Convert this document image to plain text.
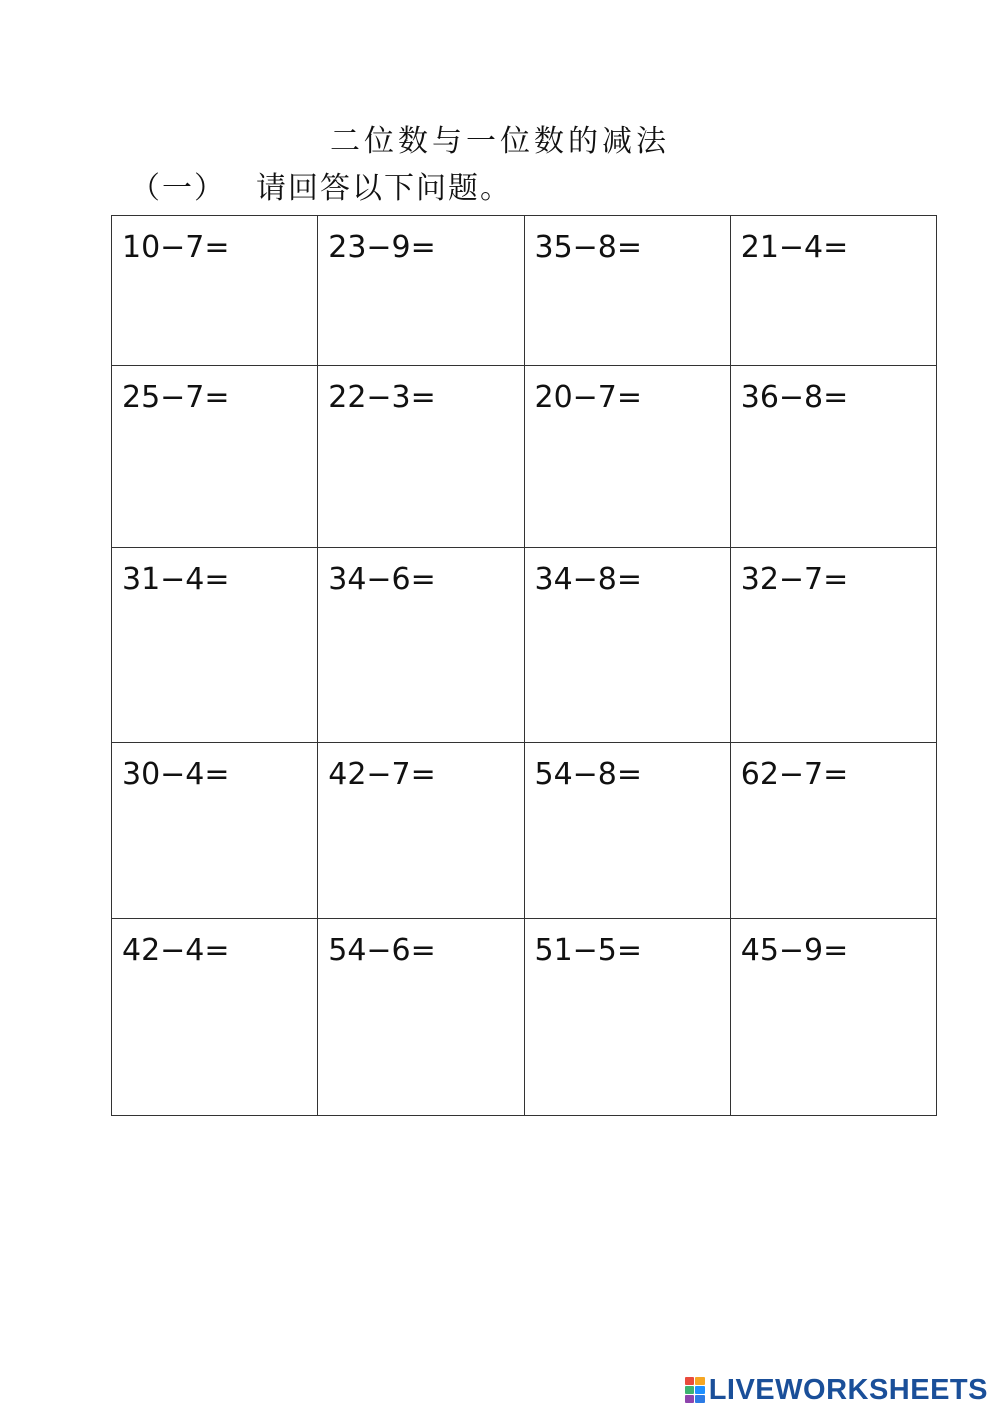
二位数与一位数的减法
（一） 请回答以下问题。
10−7=	23−9=	35−8=	21−4=
25−7=	22−3=	20−7=	36−8=
31−4=	34−6=	34−8=	32−7=
30−4=	42−7=	54−8=	62−7=
42−4=	54−6=	51−5=	45−9=
LIVEWORKSHEETS
